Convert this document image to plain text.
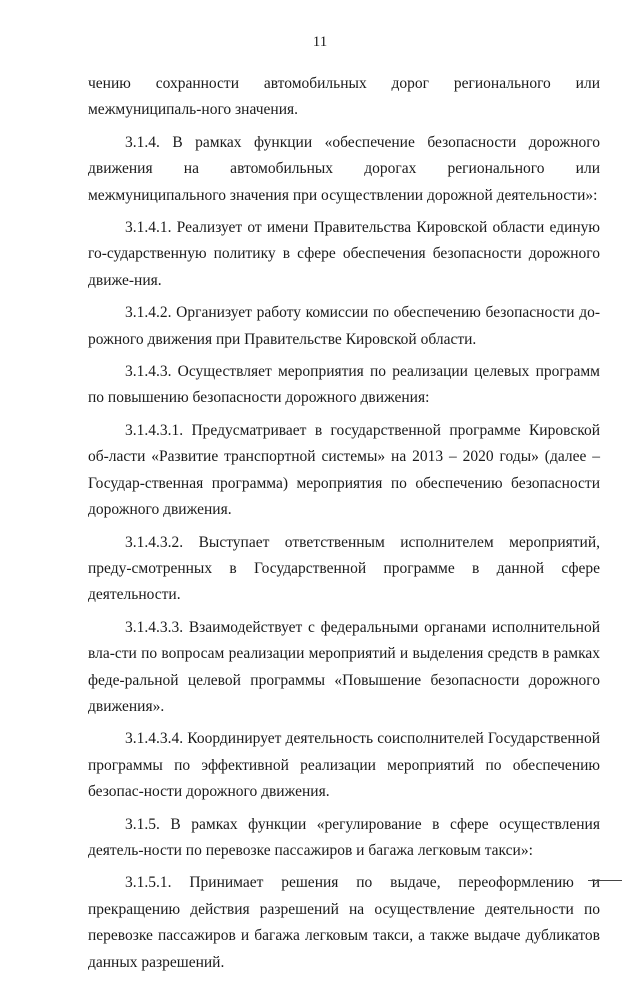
11

чению сохранности автомобильных дорог регионального или межмуниципаль-ного значения.

3.1.4. В рамках функции «обеспечение безопасности дорожного движения на автомобильных дорогах регионального или межмуниципального значения при осуществлении дорожной деятельности»:

3.1.4.1. Реализует от имени Правительства Кировской области единую го-сударственную политику в сфере обеспечения безопасности дорожного движе-ния.

3.1.4.2. Организует работу комиссии по обеспечению безопасности до-рожного движения при Правительстве Кировской области.

3.1.4.3. Осуществляет мероприятия по реализации целевых программ по повышению безопасности дорожного движения:

3.1.4.3.1. Предусматривает в государственной программе Кировской об-ласти «Развитие транспортной системы» на 2013 – 2020 годы» (далее – Государ-ственная программа) мероприятия по обеспечению безопасности дорожного движения.

3.1.4.3.2. Выступает ответственным исполнителем мероприятий, преду-смотренных в Государственной программе в данной сфере деятельности.

3.1.4.3.3. Взаимодействует с федеральными органами исполнительной вла-сти по вопросам реализации мероприятий и выделения средств в рамках феде-ральной целевой программы «Повышение безопасности дорожного движения».

3.1.4.3.4. Координирует деятельность соисполнителей Государственной программы по эффективной реализации мероприятий по обеспечению безопас-ности дорожного движения.

3.1.5. В рамках функции «регулирование в сфере осуществления деятель-ности по перевозке пассажиров и багажа легковым такси»:

3.1.5.1. Принимает решения по выдаче, переоформлению и прекращению действия разрешений на осуществление деятельности по перевозке пассажиров и багажа легковым такси, а также выдаче дубликатов данных разрешений.
